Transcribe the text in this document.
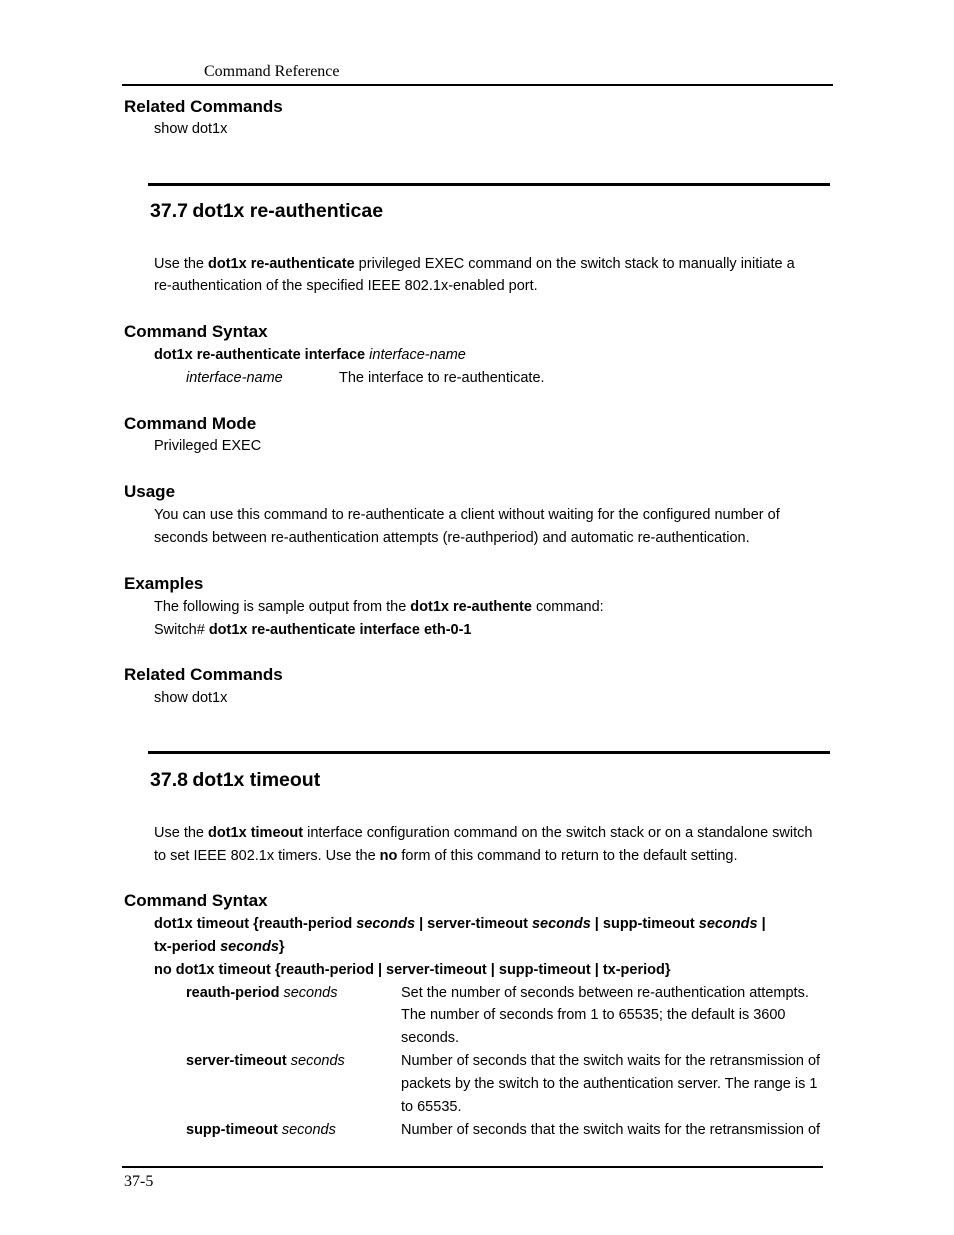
Command Reference
Related Commands
show dot1x
37.7 dot1x re-authenticae
Use the dot1x re-authenticate privileged EXEC command on the switch stack to manually initiate a
re-authentication of the specified IEEE 802.1x-enabled port.
Command Syntax
dot1x re-authenticate interface interface-name
interface-name	The interface to re-authenticate.
Command Mode
Privileged EXEC
Usage
You can use this command to re-authenticate a client without waiting for the configured number of
seconds between re-authentication attempts (re-authperiod) and automatic re-authentication.
Examples
The following is sample output from the dot1x re-authente command:
Switch# dot1x re-authenticate interface eth-0-1
Related Commands
show dot1x
37.8 dot1x timeout
Use the dot1x timeout interface configuration command on the switch stack or on a standalone switch
to set IEEE 802.1x timers. Use the no form of this command to return to the default setting.
Command Syntax
dot1x timeout {reauth-period seconds | server-timeout seconds | supp-timeout seconds |
tx-period seconds}
no dot1x timeout {reauth-period | server-timeout | supp-timeout | tx-period}
reauth-period seconds	Set the number of seconds between re-authentication attempts.
The number of seconds from 1 to 65535; the default is 3600
seconds.
server-timeout seconds	Number of seconds that the switch waits for the retransmission of
packets by the switch to the authentication server. The range is 1
to 65535.
supp-timeout seconds	Number of seconds that the switch waits for the retransmission of
37-5
